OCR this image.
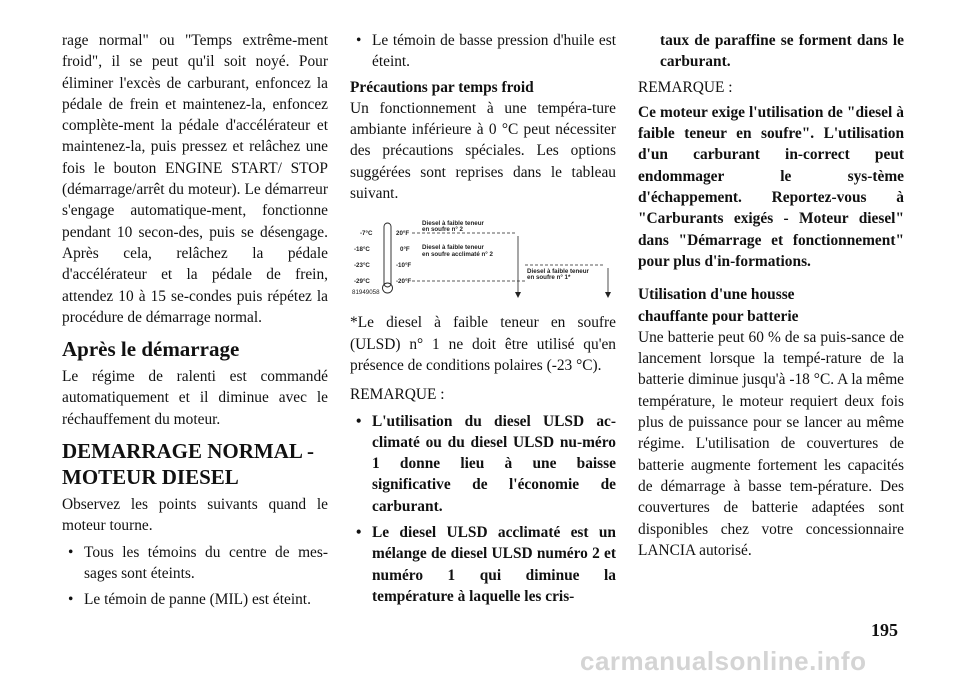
rage normal" ou "Temps extrême-ment froid", il se peut qu'il soit noyé. Pour éliminer l'excès de carburant, enfoncez la pédale de frein et maintenez-la, enfoncez complète-ment la pédale d'accélérateur et maintenez-la, puis pressez et relâchez une fois le bouton ENGINE START/ STOP (démarrage/arrêt du moteur). Le démarreur s'engage automatique-ment, fonctionne pendant 10 secon-des, puis se désengage. Après cela, relâchez la pédale d'accélérateur et la pédale de frein, attendez 10 à 15 se-condes puis répétez la procédure de démarrage normal.

Après le démarrage

Le régime de ralenti est commandé automatiquement et il diminue avec le réchauffement du moteur.

DEMARRAGE NORMAL -
MOTEUR DIESEL

Observez les points suivants quand le moteur tourne.

• Tous les témoins du centre de mes-sages sont éteints.

• Le témoin de panne (MIL) est éteint.

• Le témoin de basse pression d'huile est éteint.

Précautions par temps froid

Un fonctionnement à une tempéra-ture ambiante inférieure à 0 °C peut nécessiter des précautions spéciales. Les options suggérées sont reprises dans le tableau suivant.

*Le diesel à faible teneur en soufre (ULSD) n° 1 ne doit être utilisé qu'en présence de conditions polaires (-23 °C).

REMARQUE :

• L'utilisation du diesel ULSD ac-climaté ou du diesel ULSD nu-méro 1 donne lieu à une baisse significative de l'économie de carburant.

• Le diesel ULSD acclimaté est un mélange de diesel ULSD numéro 2 et numéro 1 qui diminue la température à laquelle les cris-

-7°C
-18°C
-23°C
-29°C
81949058
20°F
0°F
-10°F
-20°F
Diesel à faible teneur
en soufre n° 2
Diesel à faible teneur
en soufre acclimaté n° 2
Diesel à faible teneur
en soufre n° 1*

taux de paraffine se forment dans le carburant.

REMARQUE :

Ce moteur exige l'utilisation de "diesel à faible teneur en soufre". L'utilisation d'un carburant in-correct peut endommager le sys-tème d'échappement. Reportez-vous à "Carburants exigés - Moteur diesel" dans "Démarrage et fonctionnement" pour plus d'in-formations.

Utilisation d'une housse
chauffante pour batterie

Une batterie peut 60 % de sa puis-sance de lancement lorsque la tempé-rature de la batterie diminue jusqu'à -18 °C. A la même température, le moteur requiert deux fois plus de puissance pour se lancer au même régime. L'utilisation de couvertures de batterie augmente fortement les capacités de démarrage à basse tem-pérature. Des couvertures de batterie adaptées sont disponibles chez votre concessionnaire LANCIA autorisé.

195
carmanualsonline.info
